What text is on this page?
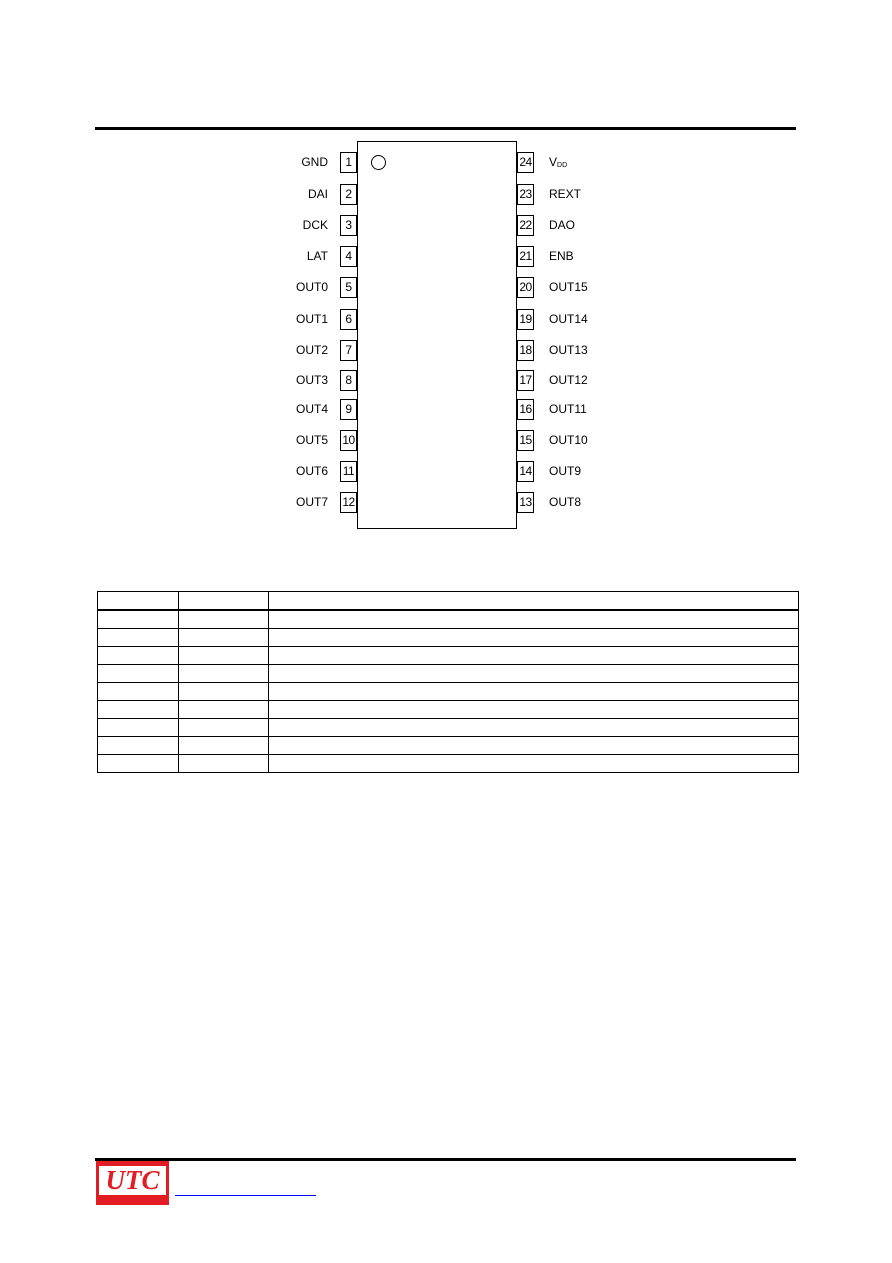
1
GND
2
DAI
3
DCK
4
LAT
5
OUT0
6
OUT1
7
OUT2
8
OUT3
9
OUT4
10
OUT5
11
OUT6
12
OUT7
24 VDD
23 REXT
22 DAO
21 ENB
20 OUT15
19 OUT14
18 OUT13
17 OUT12
16 OUT11
15 OUT10
14 OUT9
13 OUT8

UTC
